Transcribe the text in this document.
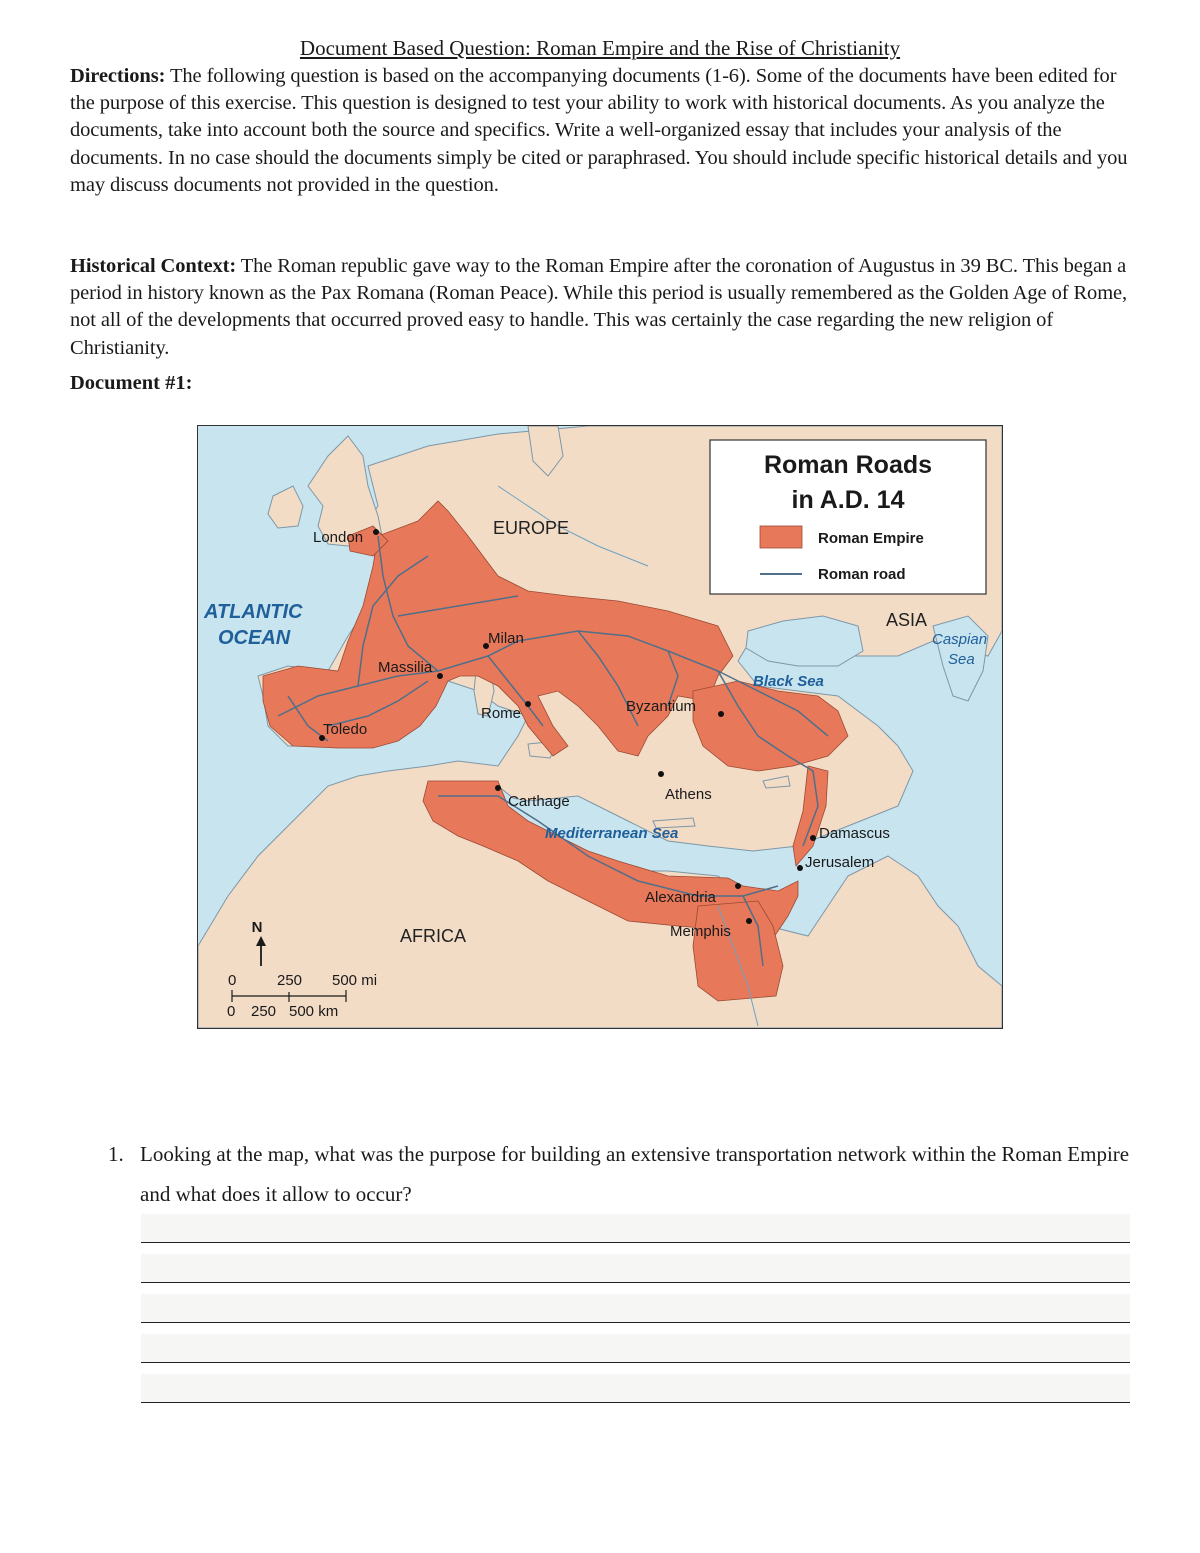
Document Based Question: Roman Empire and the Rise of Christianity
Directions: The following question is based on the accompanying documents (1-6). Some of the documents have been edited for the purpose of this exercise. This question is designed to test your ability to work with historical documents. As you analyze the documents, take into account both the source and specifics. Write a well-organized essay that includes your analysis of the documents. In no case should the documents simply be cited or paraphrased. You should include specific historical details and you may discuss documents not provided in the question.
Historical Context: The Roman republic gave way to the Roman Empire after the coronation of Augustus in 39 BC. This began a period in history known as the Pax Romana (Roman Peace). While this period is usually remembered as the Golden Age of Rome, not all of the developments that occurred proved easy to handle. This was certainly the case regarding the new religion of Christianity.
Document #1:
Roman Roads
in A.D. 14
Roman Empire
Roman road
EUROPE
ASIA
AFRICA
ATLANTIC
OCEAN	Caspian
Sea
Black Sea
Mediterranean Sea
London
Milan
Massilia
Rome
Toledo
Byzantium
Carthage	Athens
Damascus
Jerusalem
Alexandria
Memphis
N
0	250 500 mi
0 250 500 km
1. Looking at the map, what was the purpose for building an extensive transportation network within the Roman Empire and what does it allow to occur?
